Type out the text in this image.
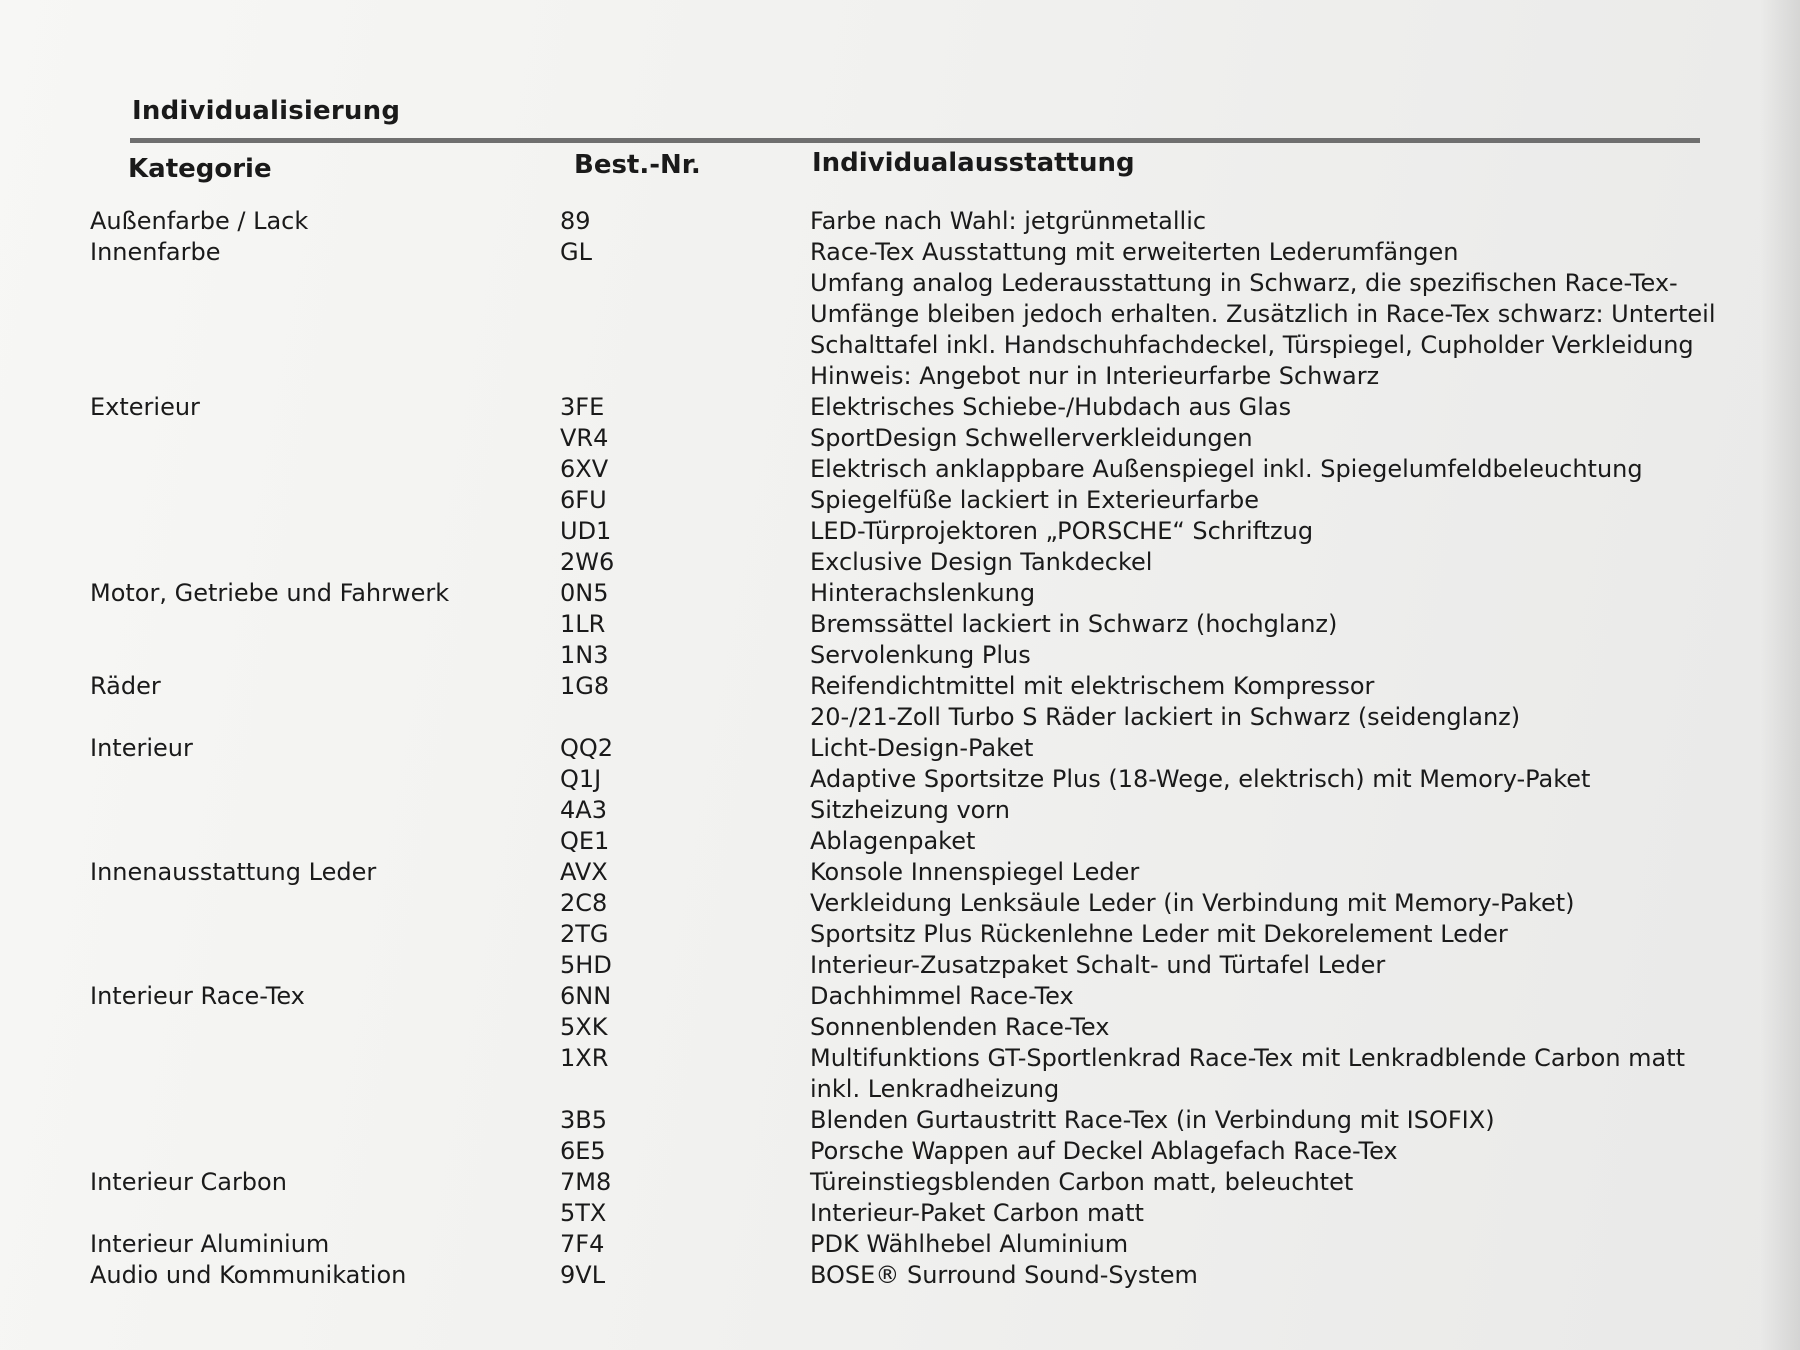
Individualisierung
Kategorie	Best.-Nr.	Individualausstattung
Außenfarbe / Lack	89	Farbe nach Wahl: jetgrünmetallic
Innenfarbe	GL	Race-Tex Ausstattung mit erweiterten Lederumfängen
		Umfang analog Lederausstattung in Schwarz, die spezifischen Race-Tex-
		Umfänge bleiben jedoch erhalten. Zusätzlich in Race-Tex schwarz: Unterteil
		Schalttafel inkl. Handschuhfachdeckel, Türspiegel, Cupholder Verkleidung
		Hinweis: Angebot nur in Interieurfarbe Schwarz
Exterieur	3FE	Elektrisches Schiebe-/Hubdach aus Glas
	VR4	SportDesign Schwellerverkleidungen
	6XV	Elektrisch anklappbare Außenspiegel inkl. Spiegelumfeldbeleuchtung
	6FU	Spiegelfüße lackiert in Exterieurfarbe
	UD1	LED-Türprojektoren „PORSCHE“ Schriftzug
	2W6	Exclusive Design Tankdeckel
Motor, Getriebe und Fahrwerk	0N5	Hinterachslenkung
	1LR	Bremssättel lackiert in Schwarz (hochglanz)
	1N3	Servolenkung Plus
Räder	1G8	Reifendichtmittel mit elektrischem Kompressor
		20-/21-Zoll Turbo S Räder lackiert in Schwarz (seidenglanz)
Interieur	QQ2	Licht-Design-Paket
	Q1J	Adaptive Sportsitze Plus (18-Wege, elektrisch) mit Memory-Paket
	4A3	Sitzheizung vorn
	QE1	Ablagenpaket
Innenausstattung Leder	AVX	Konsole Innenspiegel Leder
	2C8	Verkleidung Lenksäule Leder (in Verbindung mit Memory-Paket)
	2TG	Sportsitz Plus Rückenlehne Leder mit Dekorelement Leder
	5HD	Interieur-Zusatzpaket Schalt- und Türtafel Leder
Interieur Race-Tex	6NN	Dachhimmel Race-Tex
	5XK	Sonnenblenden Race-Tex
	1XR	Multifunktions GT-Sportlenkrad Race-Tex mit Lenkradblende Carbon matt
		inkl. Lenkradheizung
	3B5	Blenden Gurtaustritt Race-Tex (in Verbindung mit ISOFIX)
	6E5	Porsche Wappen auf Deckel Ablagefach Race-Tex
Interieur Carbon	7M8	Türeinstiegsblenden Carbon matt, beleuchtet
	5TX	Interieur-Paket Carbon matt
Interieur Aluminium	7F4	PDK Wählhebel Aluminium
Audio und Kommunikation	9VL	BOSE® Surround Sound-System
